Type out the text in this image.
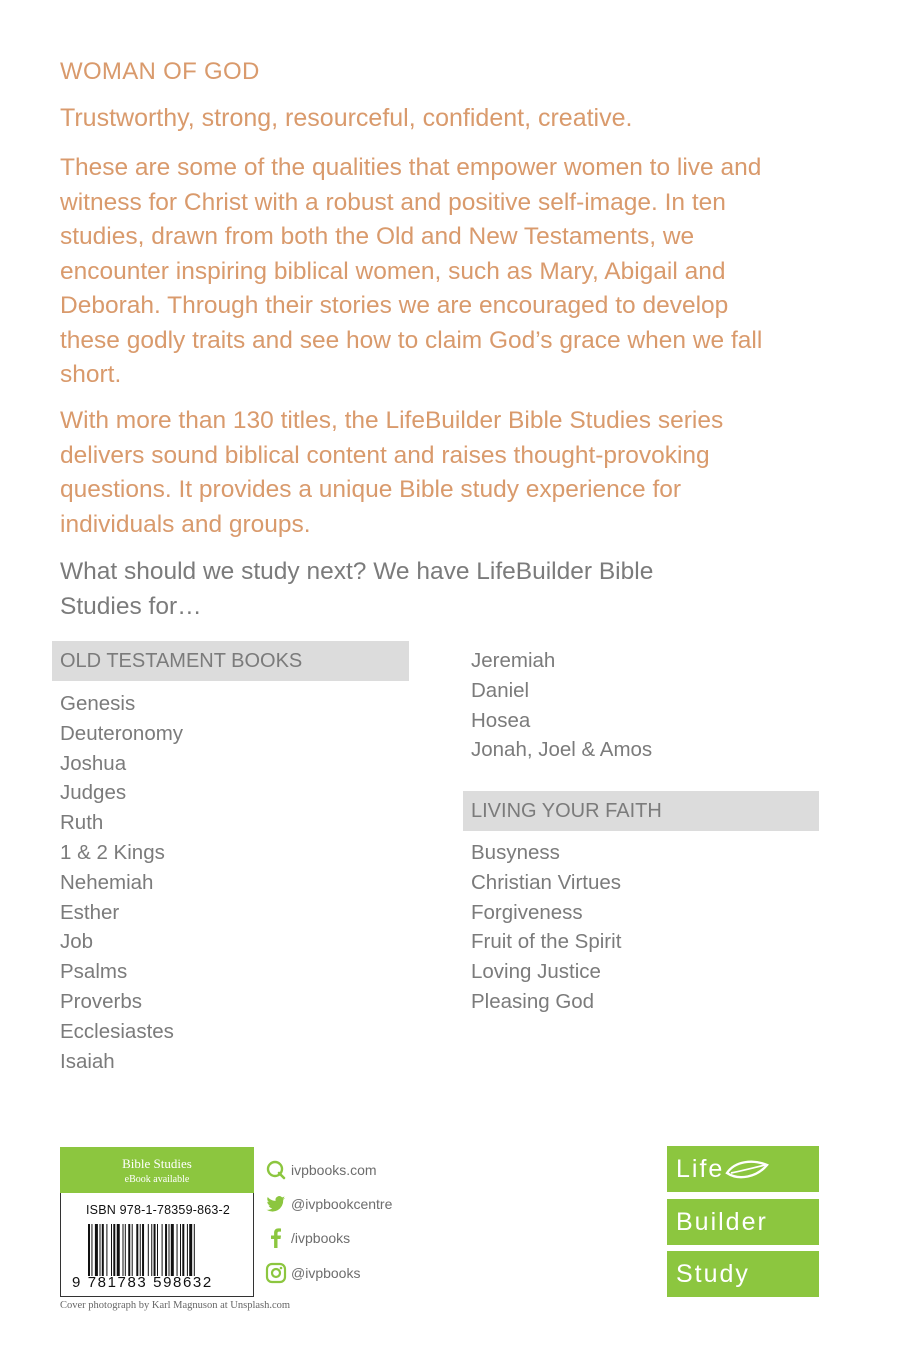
WOMAN OF GOD
Trustworthy, strong, resourceful, confident, creative.

These are some of the qualities that empower women to live and witness for Christ with a robust and positive self-image. In ten studies, drawn from both the Old and New Testaments, we encounter inspiring biblical women, such as Mary, Abigail and Deborah. Through their stories we are encouraged to develop these godly traits and see how to claim God’s grace when we fall short.

With more than 130 titles, the LifeBuilder Bible Studies series delivers sound biblical content and raises thought-provoking questions. It provides a unique Bible study experience for individuals and groups.

What should we study next? We have LifeBuilder Bible Studies for…

OLD TESTAMENT BOOKS
Genesis
Deuteronomy
Joshua
Judges
Ruth
1 & 2 Kings
Nehemiah
Esther
Job
Psalms
Proverbs
Ecclesiastes
Isaiah
Jeremiah
Daniel
Hosea
Jonah, Joel & Amos
LIVING YOUR FAITH
Busyness
Christian Virtues
Forgiveness
Fruit of the Spirit
Loving Justice
Pleasing God
Bible Studies
eBook available
ISBN 978-1-78359-863-2
9 781783 598632
Cover photograph by Karl Magnuson at Unsplash.com
ivpbooks.com
@ivpbookcentre
/ivpbooks
@ivpbooks
Life
Builder
Study
